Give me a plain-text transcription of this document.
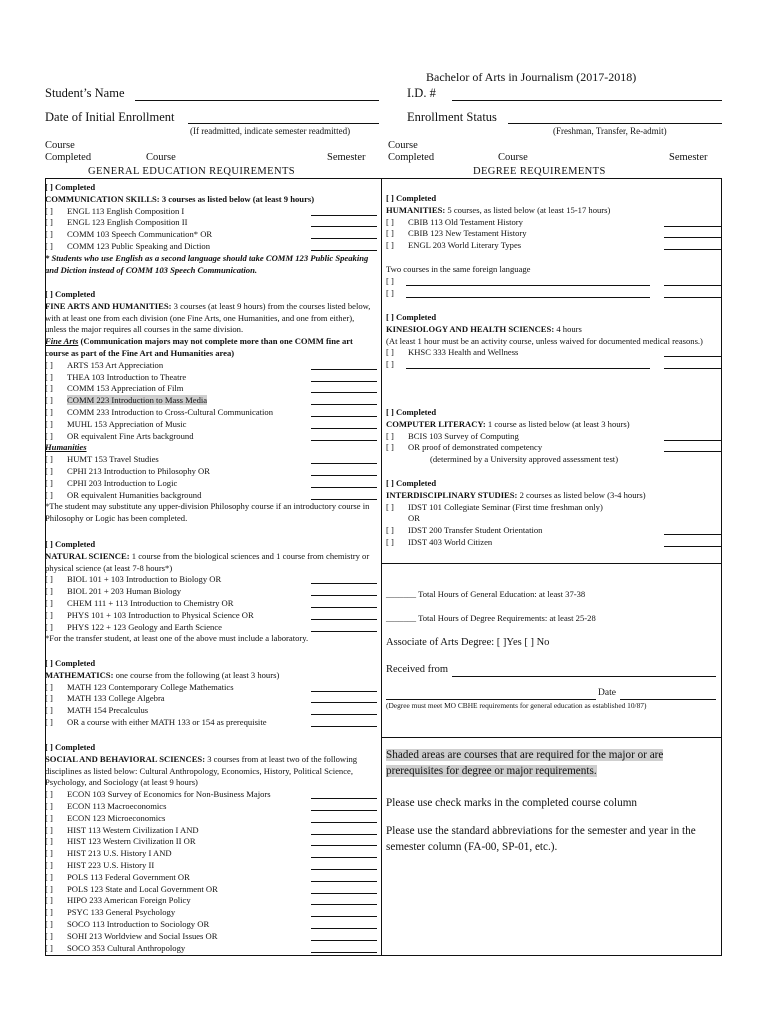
Bachelor of Arts in Journalism (2017-2018)
Student’s Name	I.D. #
Date of Initial Enrollment	Enrollment Status
(If readmitted, indicate semester readmitted)	(Freshman, Transfer, Re-admit)
Course
Completed	Course	Semester
Course
Completed	Course	Semester
GENERAL EDUCATION REQUIREMENTS	DEGREE REQUIREMENTS
[ ] Completed
COMMUNICATION SKILLS: 3 courses as listed below (at least 9 hours)
[ ] ENGL 113 English Composition I
[ ] ENGL 123 English Composition II
[ ] COMM 103 Speech Communication* OR
[ ] COMM 123 Public Speaking and Diction
* Students who use English as a second language should take COMM 123 Public Speaking and Diction instead of COMM 103 Speech Communication.
[ ] Completed
FINE ARTS AND HUMANITIES: 3 courses (at least 9 hours) from the courses listed below, with at least one from each division (one Fine Arts, one Humanities, and one from either), unless the major requires all courses in the same division.
Fine Arts (Communication majors may not complete more than one COMM fine art course as part of the Fine Art and Humanities area)
[ ] ARTS 153 Art Appreciation
[ ] THEA 103 Introduction to Theatre
[ ] COMM 153 Appreciation of Film
[ ] COMM 223 Introduction to Mass Media
[ ] COMM 233 Introduction to Cross-Cultural Communication
[ ] MUHL 153 Appreciation of Music
[ ] OR equivalent Fine Arts background
Humanities
[ ] HUMT 153 Travel Studies
[ ] CPHI 213 Introduction to Philosophy OR
[ ] CPHI 203 Introduction to Logic
[ ] OR equivalent Humanities background
*The student may substitute any upper-division Philosophy course if an introductory course in Philosophy or Logic has been completed.
[ ] Completed
NATURAL SCIENCE: 1 course from the biological sciences and 1 course from chemistry or physical science (at least 7-8 hours*)
[ ] BIOL 101 + 103 Introduction to Biology OR
[ ] BIOL 201 + 203 Human Biology
[ ] CHEM 111 + 113 Introduction to Chemistry OR
[ ] PHYS 101 + 103 Introduction to Physical Science OR
[ ] PHYS 122 + 123 Geology and Earth Science
*For the transfer student, at least one of the above must include a laboratory.
[ ] Completed
MATHEMATICS: one course from the following (at least 3 hours)
[ ] MATH 123 Contemporary College Mathematics
[ ] MATH 133 College Algebra
[ ] MATH 154 Precalculus
[ ] OR a course with either MATH 133 or 154 as prerequisite
[ ] Completed
SOCIAL AND BEHAVIORAL SCIENCES: 3 courses from at least two of the following disciplines as listed below: Cultural Anthropology, Economics, History, Political Science, Psychology, and Sociology (at least 9 hours)
[ ] ECON 103 Survey of Economics for Non-Business Majors
[ ] ECON 113 Macroeconomics
[ ] ECON 123 Microeconomics
[ ] HIST 113 Western Civilization I AND
[ ] HIST 123 Western Civilization II OR
[ ] HIST 213 U.S. History I AND
[ ] HIST 223 U.S. History II
[ ] POLS 113 Federal Government OR
[ ] POLS 123 State and Local Government OR
[ ] HIPO 233 American Foreign Policy
[ ] PSYC 133 General Psychology
[ ] SOCO 113 Introduction to Sociology OR
[ ] SOHI 213 Worldview and Social Issues OR
[ ] SOCO 353 Cultural Anthropology
[ ] Completed
HUMANITIES: 5 courses, as listed below (at least 15-17 hours)
[ ] CBIB 113 Old Testament History
[ ] CBIB 123 New Testament History
[ ] ENGL 203 World Literary Types
Two courses in the same foreign language
[ ]
[ ]
[ ] Completed
KINESIOLOGY AND HEALTH SCIENCES: 4 hours
(At least 1 hour must be an activity course, unless waived for documented medical reasons.)
[ ] KHSC 333 Health and Wellness
[ ]
[ ] Completed
COMPUTER LITERACY: 1 course as listed below (at least 3 hours)
[ ] BCIS 103 Survey of Computing
[ ] OR proof of demonstrated competency
(determined by a University approved assessment test)
[ ] Completed
INTERDISCIPLINARY STUDIES: 2 courses as listed below (3-4 hours)
[ ] IDST 101 Collegiate Seminar (First time freshman only)
OR
[ ] IDST 200 Transfer Student Orientation
[ ] IDST 403 World Citizen
_______ Total Hours of General Education: at least 37-38
_______ Total Hours of Degree Requirements: at least 25-28
Associate of Arts Degree: [ ]Yes [ ] No
Received from
Date
(Degree must meet MO CBHE requirements for general education as established 10/87)
Shaded areas are courses that are required for the major or are prerequisites for degree or major requirements.
Please use check marks in the completed course column
Please use the standard abbreviations for the semester and year in the semester column (FA-00, SP-01, etc.).
